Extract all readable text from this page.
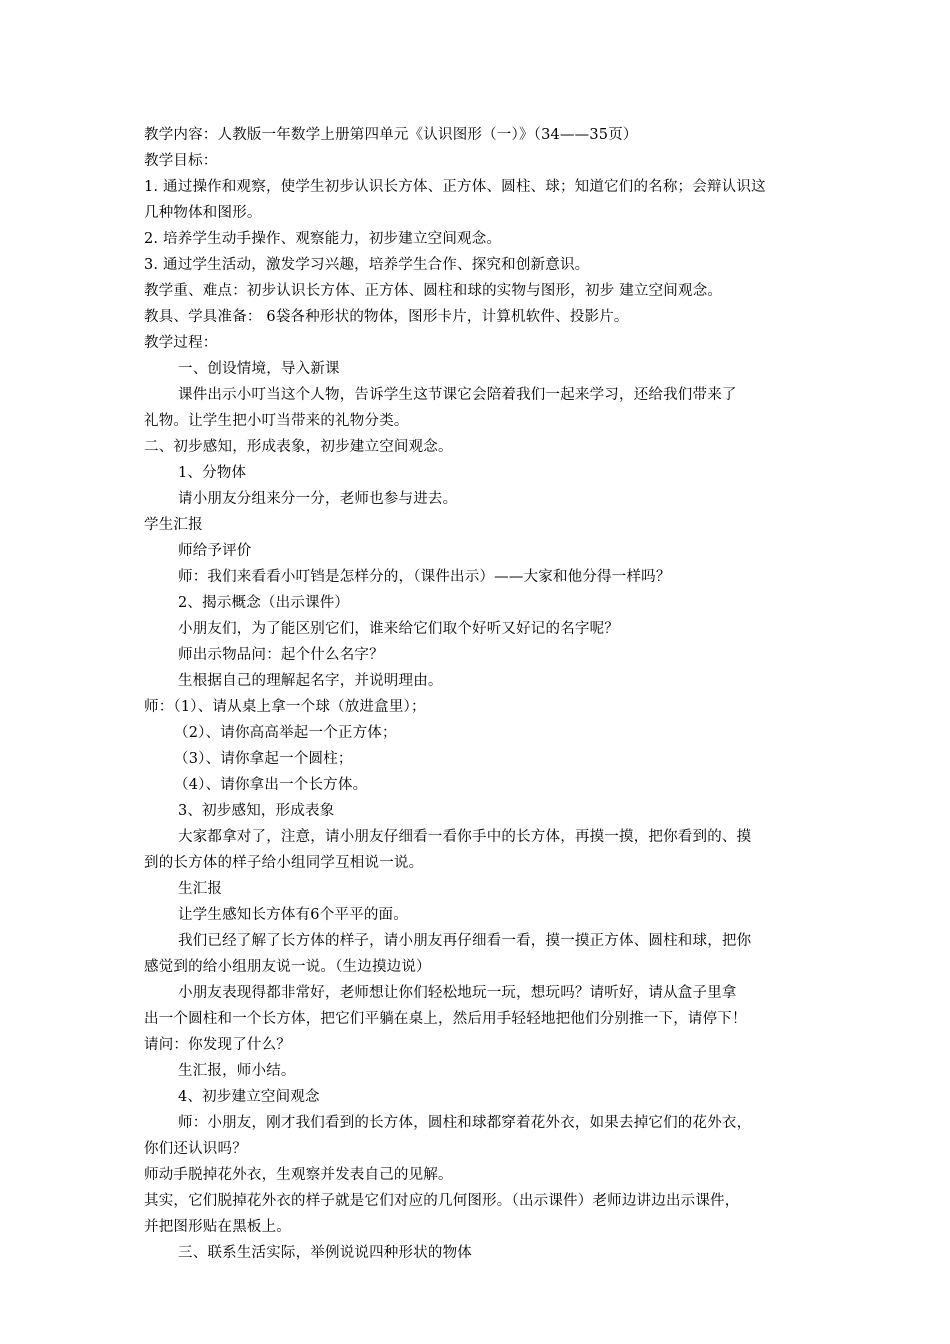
教学内容：人教版一年数学上册第四单元《认识图形（一）》（34——35页）
教学目标：
1. 通过操作和观察，使学生初步认识长方体、正方体、圆柱、球；知道它们的名称；会辩认识这
几种物体和图形。
2. 培养学生动手操作、观察能力，初步建立空间观念。
3. 通过学生活动，激发学习兴趣，培养学生合作、探究和创新意识。
教学重、难点：初步认识长方体、正方体、圆柱和球的实物与图形，初步 建立空间观念。
教具、学具准备： 6袋各种形状的物体，图形卡片，计算机软件、投影片。
教学过程：
一、创设情境，导入新课
课件出示小叮当这个人物，告诉学生这节课它会陪着我们一起来学习，还给我们带来了
礼物。让学生把小叮当带来的礼物分类。
二、初步感知，形成表象，初步建立空间观念。
1、分物体
请小朋友分组来分一分，老师也参与进去。
学生汇报
师给予评价
师：我们来看看小叮铛是怎样分的，（课件出示）——大家和他分得一样吗？
2、揭示概念（出示课件）
小朋友们，为了能区别它们，谁来给它们取个好听又好记的名字呢？
师出示物品问：起个什么名字？
生根据自己的理解起名字，并说明理由。
师：（1）、请从桌上拿一个球（放进盒里）；
（2）、请你高高举起一个正方体；
（3）、请你拿起一个圆柱；
（4）、请你拿出一个长方体。
3、初步感知，形成表象
大家都拿对了，注意，请小朋友仔细看一看你手中的长方体，再摸一摸，把你看到的、摸
到的长方体的样子给小组同学互相说一说。
生汇报
让学生感知长方体有6个平平的面。
我们已经了解了长方体的样子，请小朋友再仔细看一看，摸一摸正方体、圆柱和球，把你
感觉到的给小组朋友说一说。（生边摸边说）
小朋友表现得都非常好，老师想让你们轻松地玩一玩，想玩吗？请听好，请从盒子里拿
出一个圆柱和一个长方体，把它们平躺在桌上，然后用手轻轻地把他们分别推一下，请停下！
请问：你发现了什么？
生汇报，师小结。
4、初步建立空间观念
师：小朋友，刚才我们看到的长方体，圆柱和球都穿着花外衣，如果去掉它们的花外衣，
你们还认识吗？
师动手脱掉花外衣，生观察并发表自己的见解。
其实，它们脱掉花外衣的样子就是它们对应的几何图形。（出示课件）老师边讲边出示课件，
并把图形贴在黑板上。
三、联系生活实际，举例说说四种形状的物体
